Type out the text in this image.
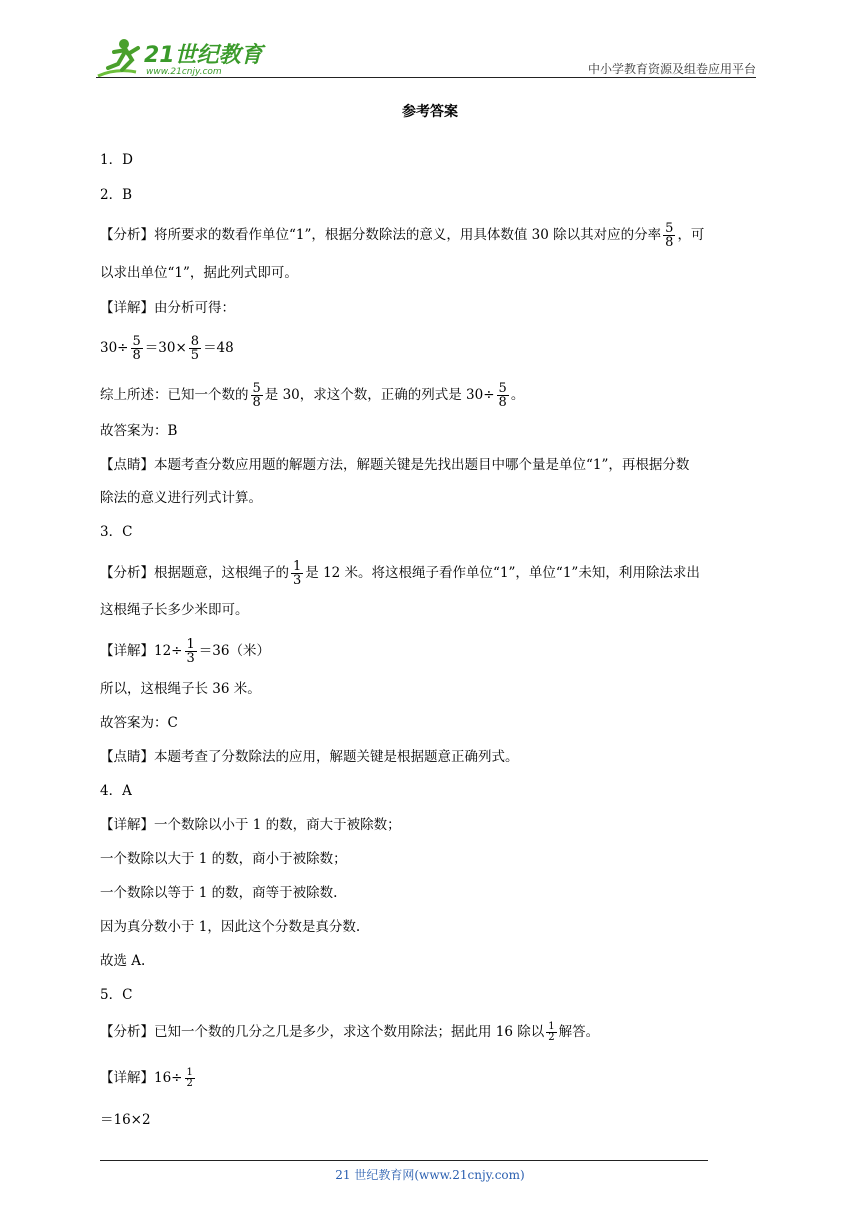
21世纪教育
www.21cnjy.com	中小学教育资源及组卷应用平台
参考答案
1．D
2．B
【分析】将所要求的数看作单位“1”，根据分数除法的意义，用具体数值 30 除以其对应的分率 $\frac{5}{8}$ ，可
以求出单位“1”，据此列式即可。
【详解】由分析可得：
$30\div \frac{5}{8} =30\times \frac{8}{5} =48$
综上所述：已知一个数的 $\frac{5}{8}$ 是 30，求这个数，正确的列式是 $30\div \frac{5}{8}$ 。
故答案为：B
【点睛】本题考查分数应用题的解题方法，解题关键是先找出题目中哪个量是单位“1”，再根据分数
除法的意义进行列式计算。
3．C
【分析】根据题意，这根绳子的 $\frac{1}{3}$ 是 12 米。将这根绳子看作单位“1”，单位“1”未知，利用除法求出
这根绳子长多少米即可。
【详解】$12\div \frac{1}{3} =36$（米）
所以，这根绳子长 36 米。
故答案为：C
【点睛】本题考查了分数除法的应用，解题关键是根据题意正确列式。
4．A
【详解】一个数除以小于 1 的数，商大于被除数；
一个数除以大于 1 的数，商小于被除数；
一个数除以等于 1 的数，商等于被除数.
因为真分数小于 1，因此这个分数是真分数.
故选 A.
5．C
【分析】已知一个数的几分之几是多少，求这个数用除法；据此用 16 除以 $\frac{1}{2}$ 解答。
【详解】$16\div \frac{1}{2}$
＝16×2
21 世纪教育网(www.21cnjy.com)
